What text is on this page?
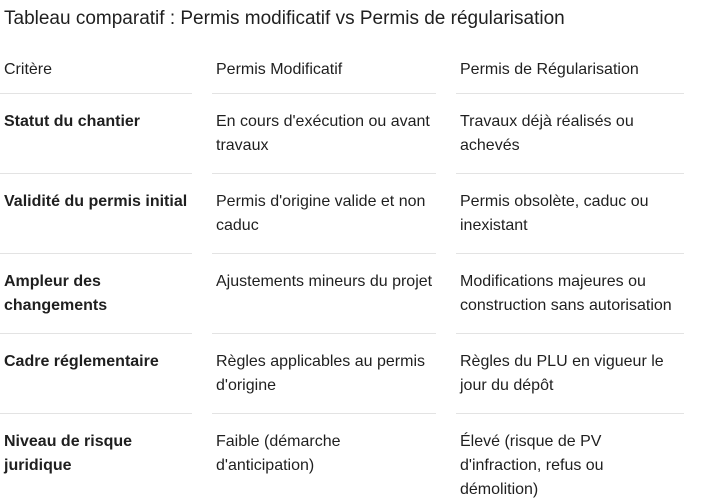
Tableau comparatif : Permis modificatif vs Permis de régularisation
Critère	Permis Modificatif	Permis de Régularisation

Statut du chantier	En cours d'exécution ou avant travaux	Travaux déjà réalisés ou achevés

Validité du permis initial	Permis d'origine valide et non caduc	Permis obsolète, caduc ou inexistant

Ampleur des changements	Ajustements mineurs du projet	Modifications majeures ou construction sans autorisation

Cadre réglementaire	Règles applicables au permis d'origine	Règles du PLU en vigueur le jour du dépôt

Niveau de risque juridique	Faible (démarche d'anticipation)	Élevé (risque de PV d'infraction, refus ou démolition)
